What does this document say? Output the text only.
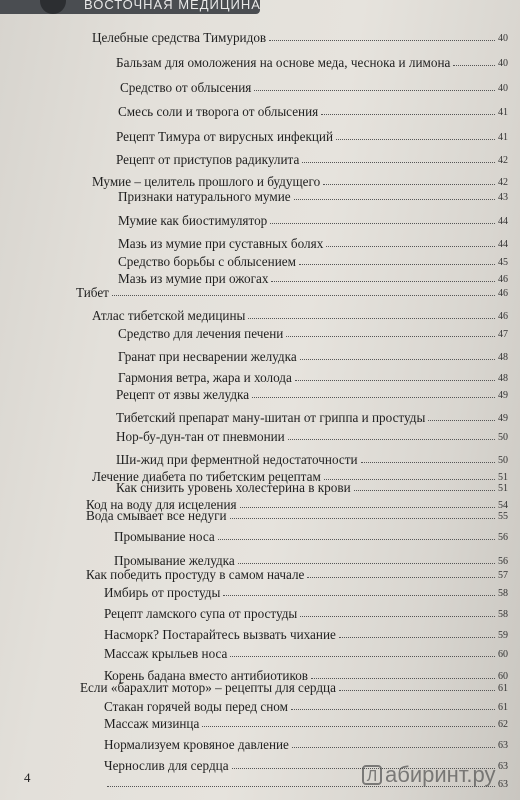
ВОСТОЧНАЯ МЕДИЦИНА
Целебные средства Тимуридов	40
Бальзам для омоложения на основе меда, чеснока и лимона	40
Средство от облысения	40
Смесь соли и творога от облысения	41
Рецепт Тимура от вирусных инфекций	41
Рецепт от приступов радикулита	42
Мумие – целитель прошлого и будущего	42
Признаки натурального мумие	43
Мумие как биостимулятор	44
Мазь из мумие при суставных болях	44
Средство борьбы с облысением	45
Мазь из мумие при ожогах	46
Тибет	46
Атлас тибетской медицины	46
Средство для лечения печени	47
Гранат при несварении желудка	48
Гармония ветра, жара и холода	48
Рецепт от язвы желудка	49
Тибетский препарат ману-шитан от гриппа и простуды	49
Нор-бу-дун-тан от пневмонии	50
Ши-жид при ферментной недостаточности	50
Лечение диабета по тибетским рецептам	51
Как снизить уровень холестерина в крови	51
Код на воду для исцеления	54
Вода смывает все недуги	55
Промывание носа	56
Промывание желудка	56
Как победить простуду в самом начале	57
Имбирь от простуды	58
Рецепт ламского супа от простуды	58
Насморк? Постарайтесь вызвать чихание	59
Массаж крыльев носа	60
Корень бадана вместо антибиотиков	60
Если «барахлит мотор» – рецепты для сердца	61
Стакан горячей воды перед сном	61
Массаж мизинца	62
Нормализуем кровяное давление	63
Чернослив для сердца	63
63
4	Л абиринт.ру
